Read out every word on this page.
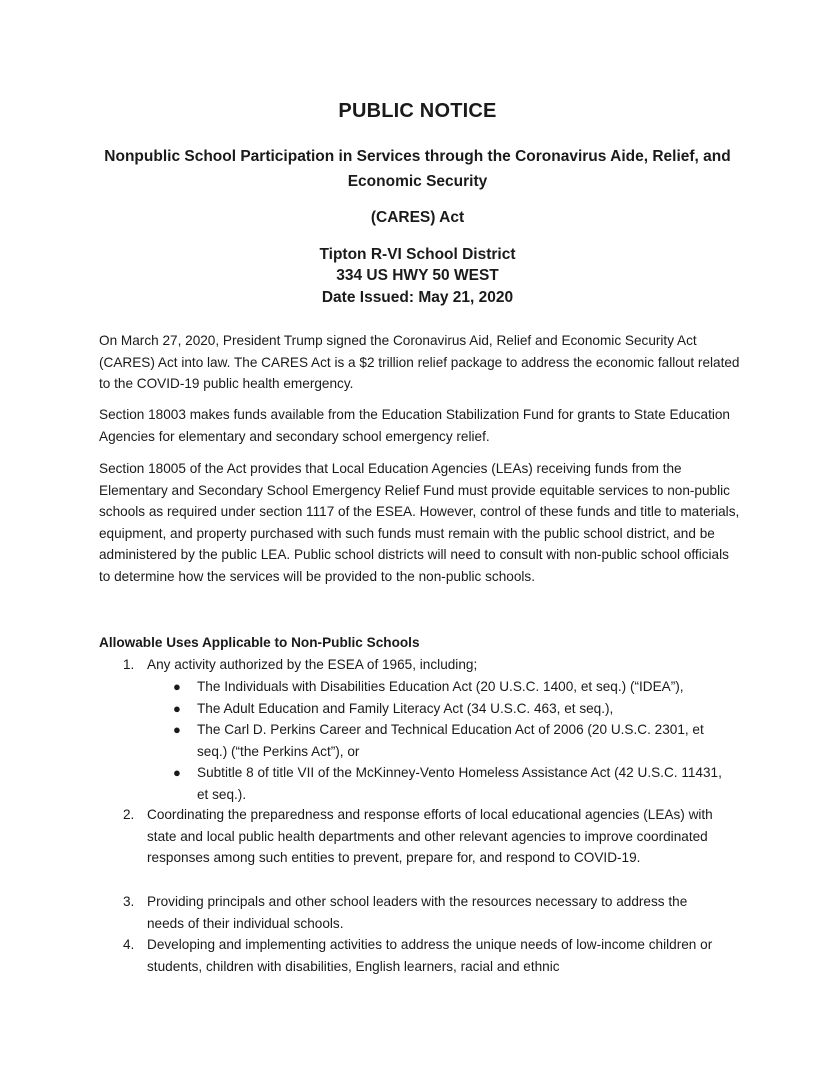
PUBLIC NOTICE
Nonpublic School Participation in Services through the Coronavirus Aide, Relief, and Economic Security
(CARES) Act
Tipton R-VI School District
334 US HWY 50 WEST
Date Issued: May 21, 2020
On March 27, 2020, President Trump signed the Coronavirus Aid, Relief and Economic Security Act (CARES) Act into law. The CARES Act is a $2 trillion relief package to address the economic fallout related to the COVID-19 public health emergency.
Section 18003 makes funds available from the Education Stabilization Fund for grants to State Education Agencies for elementary and secondary school emergency relief.
Section 18005 of the Act provides that Local Education Agencies (LEAs) receiving funds from the Elementary and Secondary School Emergency Relief Fund must provide equitable services to non-public schools as required under section 1117 of the ESEA. However, control of these funds and title to materials, equipment, and property purchased with such funds must remain with the public school district, and be administered by the public LEA. Public school districts will need to consult with non-public school officials to determine how the services will be provided to the non-public schools.
Allowable Uses Applicable to Non-Public Schools
1. Any activity authorized by the ESEA of 1965, including;
● The Individuals with Disabilities Education Act (20 U.S.C. 1400, et seq.) (“IDEA”),
● The Adult Education and Family Literacy Act (34 U.S.C. 463, et seq.),
● The Carl D. Perkins Career and Technical Education Act of 2006 (20 U.S.C. 2301, et seq.) (“the Perkins Act”), or
● Subtitle 8 of title VII of the McKinney-Vento Homeless Assistance Act (42 U.S.C. 11431, et seq.).
2. Coordinating the preparedness and response efforts of local educational agencies (LEAs) with state and local public health departments and other relevant agencies to improve coordinated responses among such entities to prevent, prepare for, and respond to COVID-19.
3. Providing principals and other school leaders with the resources necessary to address the needs of their individual schools.
4. Developing and implementing activities to address the unique needs of low-income children or students, children with disabilities, English learners, racial and ethnic
